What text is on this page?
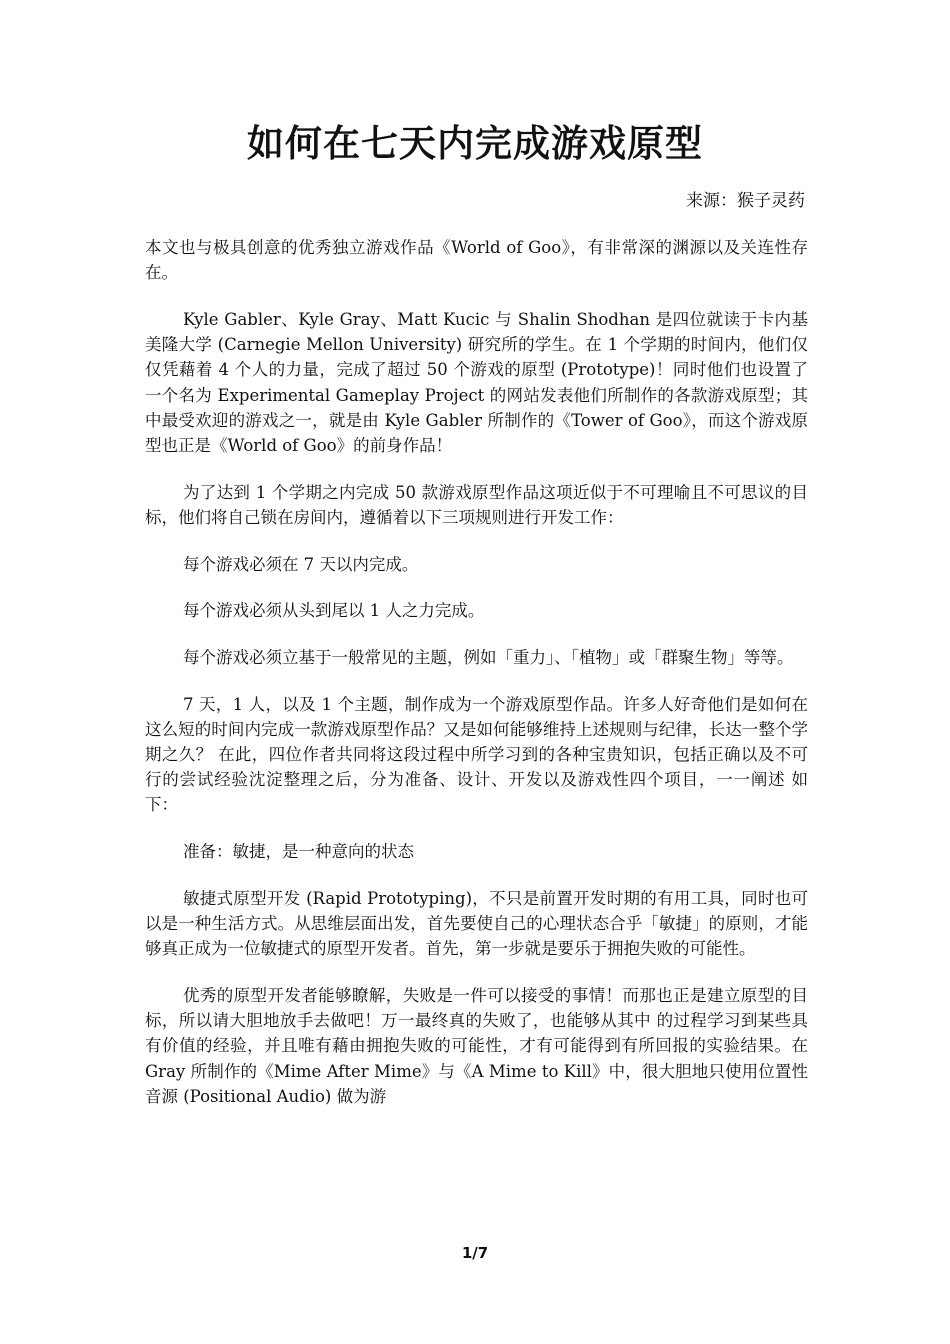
如何在七天内完成游戏原型

来源：猴子灵药

本文也与极具创意的优秀独立游戏作品《World of Goo》，有非常深的渊源以及关连性存在。

Kyle Gabler、Kyle Gray、Matt Kucic 与 Shalin Shodhan 是四位就读于卡内基美隆大学 (Carnegie Mellon University) 研究所的学生。在 1 个学期的时间内，他们仅仅凭藉着 4 个人的力量，完成了超过 50 个游戏的原型 (Prototype)！同时他们也设置了一个名为 Experimental Gameplay Project 的网站发表他们所制作的各款游戏原型；其中最受欢迎的游戏之一，就是由 Kyle Gabler 所制作的《Tower of Goo》，而这个游戏原型也正是《World of Goo》的前身作品！

为了达到 1 个学期之内完成 50 款游戏原型作品这项近似于不可理喻且不可思议的目标，他们将自己锁在房间内，遵循着以下三项规则进行开发工作：

每个游戏必须在 7 天以内完成。

每个游戏必须从头到尾以 1 人之力完成。

每个游戏必须立基于一般常见的主题，例如「重力」、「植物」或「群聚生物」等等。

7 天，1 人，以及 1 个主题，制作成为一个游戏原型作品。许多人好奇他们是如何在这么短的时间内完成一款游戏原型作品？又是如何能够维持上述规则与纪律，长达一整个学期之久？ 在此，四位作者共同将这段过程中所学习到的各种宝贵知识，包括正确以及不可行的尝试经验沈淀整理之后，分为准备、设计、开发以及游戏性四个项目，一一阐述 如下：

准备：敏捷，是一种意向的状态

敏捷式原型开发 (Rapid Prototyping)，不只是前置开发时期的有用工具，同时也可以是一种生活方式。从思维层面出发，首先要使自己的心理状态合乎「敏捷」的原则，才能够真正成为一位敏捷式的原型开发者。首先，第一步就是要乐于拥抱失败的可能性。

优秀的原型开发者能够瞭解，失败是一件可以接受的事情！而那也正是建立原型的目标，所以请大胆地放手去做吧！万一最终真的失败了，也能够从其中 的过程学习到某些具有价值的经验，并且唯有藉由拥抱失败的可能性，才有可能得到有所回报的实验结果。在 Gray 所制作的《Mime After Mime》与《A Mime to Kill》中，很大胆地只使用位置性音源 (Positional Audio) 做为游

1/7
